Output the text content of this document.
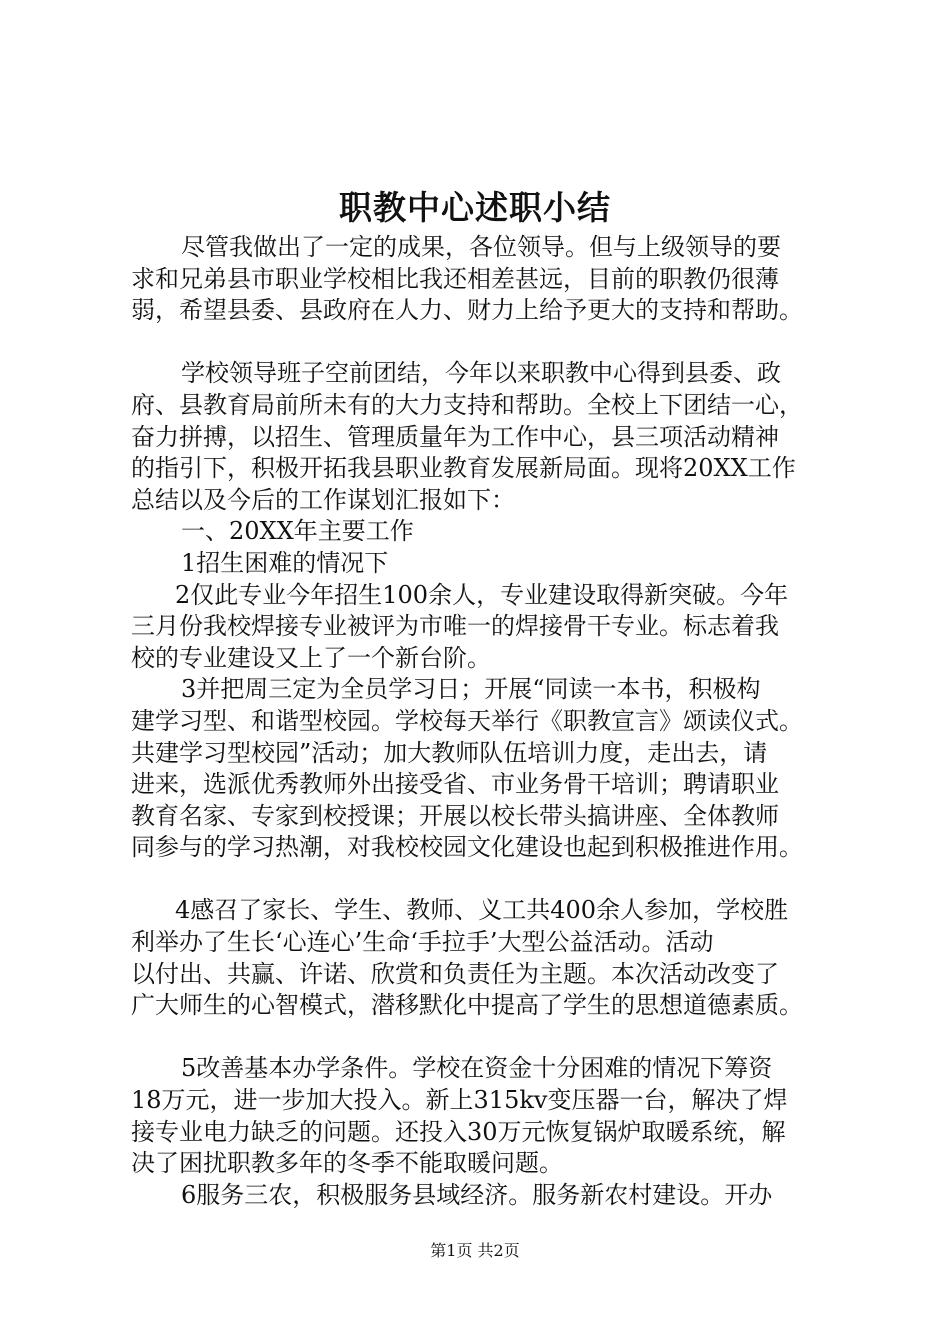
职教中心述职小结
尽管我做出了一定的成果，各位领导。但与上级领导的要
求和兄弟县市职业学校相比我还相差甚远，目前的职教仍很薄
弱，希望县委、县政府在人力、财力上给予更大的支持和帮助。
学校领导班子空前团结，今年以来职教中心得到县委、政
府、县教育局前所未有的大力支持和帮助。全校上下团结一心，
奋力拼搏，以招生、管理质量年为工作中心，县三项活动精神
的指引下，积极开拓我县职业教育发展新局面。现将20XX工作
总结以及今后的工作谋划汇报如下：
一、20XX年主要工作
1招生困难的情况下
2仅此专业今年招生100余人，专业建设取得新突破。今年
三月份我校焊接专业被评为市唯一的焊接骨干专业。标志着我
校的专业建设又上了一个新台阶。
3并把周三定为全员学习日；开展“同读一本书，积极构
建学习型、和谐型校园。学校每天举行《职教宣言》颂读仪式。
共建学习型校园”活动；加大教师队伍培训力度，走出去，请
进来，选派优秀教师外出接受省、市业务骨干培训；聘请职业
教育名家、专家到校授课；开展以校长带头搞讲座、全体教师
同参与的学习热潮，对我校校园文化建设也起到积极推进作用。
4感召了家长、学生、教师、义工共400余人参加，学校胜
利举办了生长‘心连心’生命‘手拉手’大型公益活动。活动
以付出、共赢、许诺、欣赏和负责任为主题。本次活动改变了
广大师生的心智模式，潜移默化中提高了学生的思想道德素质。
5改善基本办学条件。学校在资金十分困难的情况下筹资
18万元，进一步加大投入。新上315kv变压器一台，解决了焊
接专业电力缺乏的问题。还投入30万元恢复锅炉取暖系统，解
决了困扰职教多年的冬季不能取暖问题。
6服务三农，积极服务县域经济。服务新农村建设。开办
第1页 共2页
